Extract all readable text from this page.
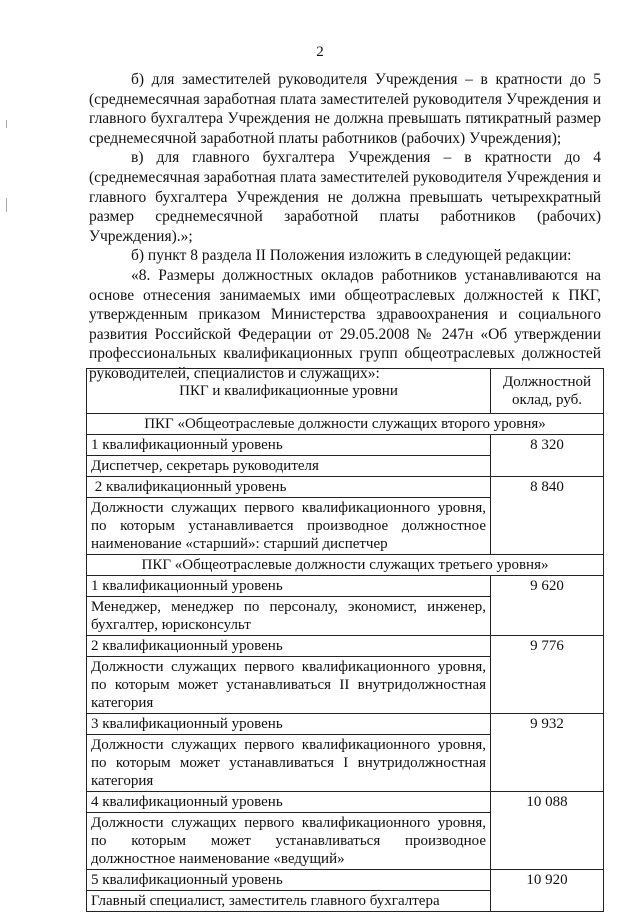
2

б) для заместителей руководителя Учреждения – в кратности до 5 (среднемесячная заработная плата заместителей руководителя Учреждения и главного бухгалтера Учреждения не должна превышать пятикратный размер среднемесячной заработной платы работников (рабочих) Учреждения);

в) для главного бухгалтера Учреждения – в кратности до 4 (среднемесячная заработная плата заместителей руководителя Учреждения и главного бухгалтера Учреждения не должна превышать четырехкратный размер среднемесячной заработной платы работников (рабочих) Учреждения).»;

б) пункт 8 раздела II Положения изложить в следующей редакции:

«8. Размеры должностных окладов работников устанавливаются на основе отнесения занимаемых ими общеотраслевых должностей к ПКГ, утвержденным приказом Министерства здравоохранения и социального развития Российской Федерации от 29.05.2008 № 247н «Об утверждении профессиональных квалификационных групп общеотраслевых должностей руководителей, специалистов и служащих»:

ПКГ и квалификационные уровни	Должностной оклад, руб.
ПКГ «Общеотраслевые должности служащих второго уровня»	
1 квалификационный уровень	8 320
Диспетчер, секретарь руководителя	
2 квалификационный уровень	8 840
Должности служащих первого квалификационного уровня, по которым устанавливается производное должностное наименование «старший»: старший диспетчер	
ПКГ «Общеотраслевые должности служащих третьего уровня»	
1 квалификационный уровень	9 620
Менеджер, менеджер по персоналу, экономист, инженер, бухгалтер, юрисконсульт	
2 квалификационный уровень	9 776
Должности служащих первого квалификационного уровня, по которым может устанавливаться II внутридолжностная категория	
3 квалификационный уровень	9 932
Должности служащих первого квалификационного уровня, по которым может устанавливаться I внутридолжностная категория	
4 квалификационный уровень	10 088
Должности служащих первого квалификационного уровня, по которым может устанавливаться производное должностное наименование «ведущий»	
5 квалификационный уровень	10 920
Главный специалист, заместитель главного бухгалтера	
